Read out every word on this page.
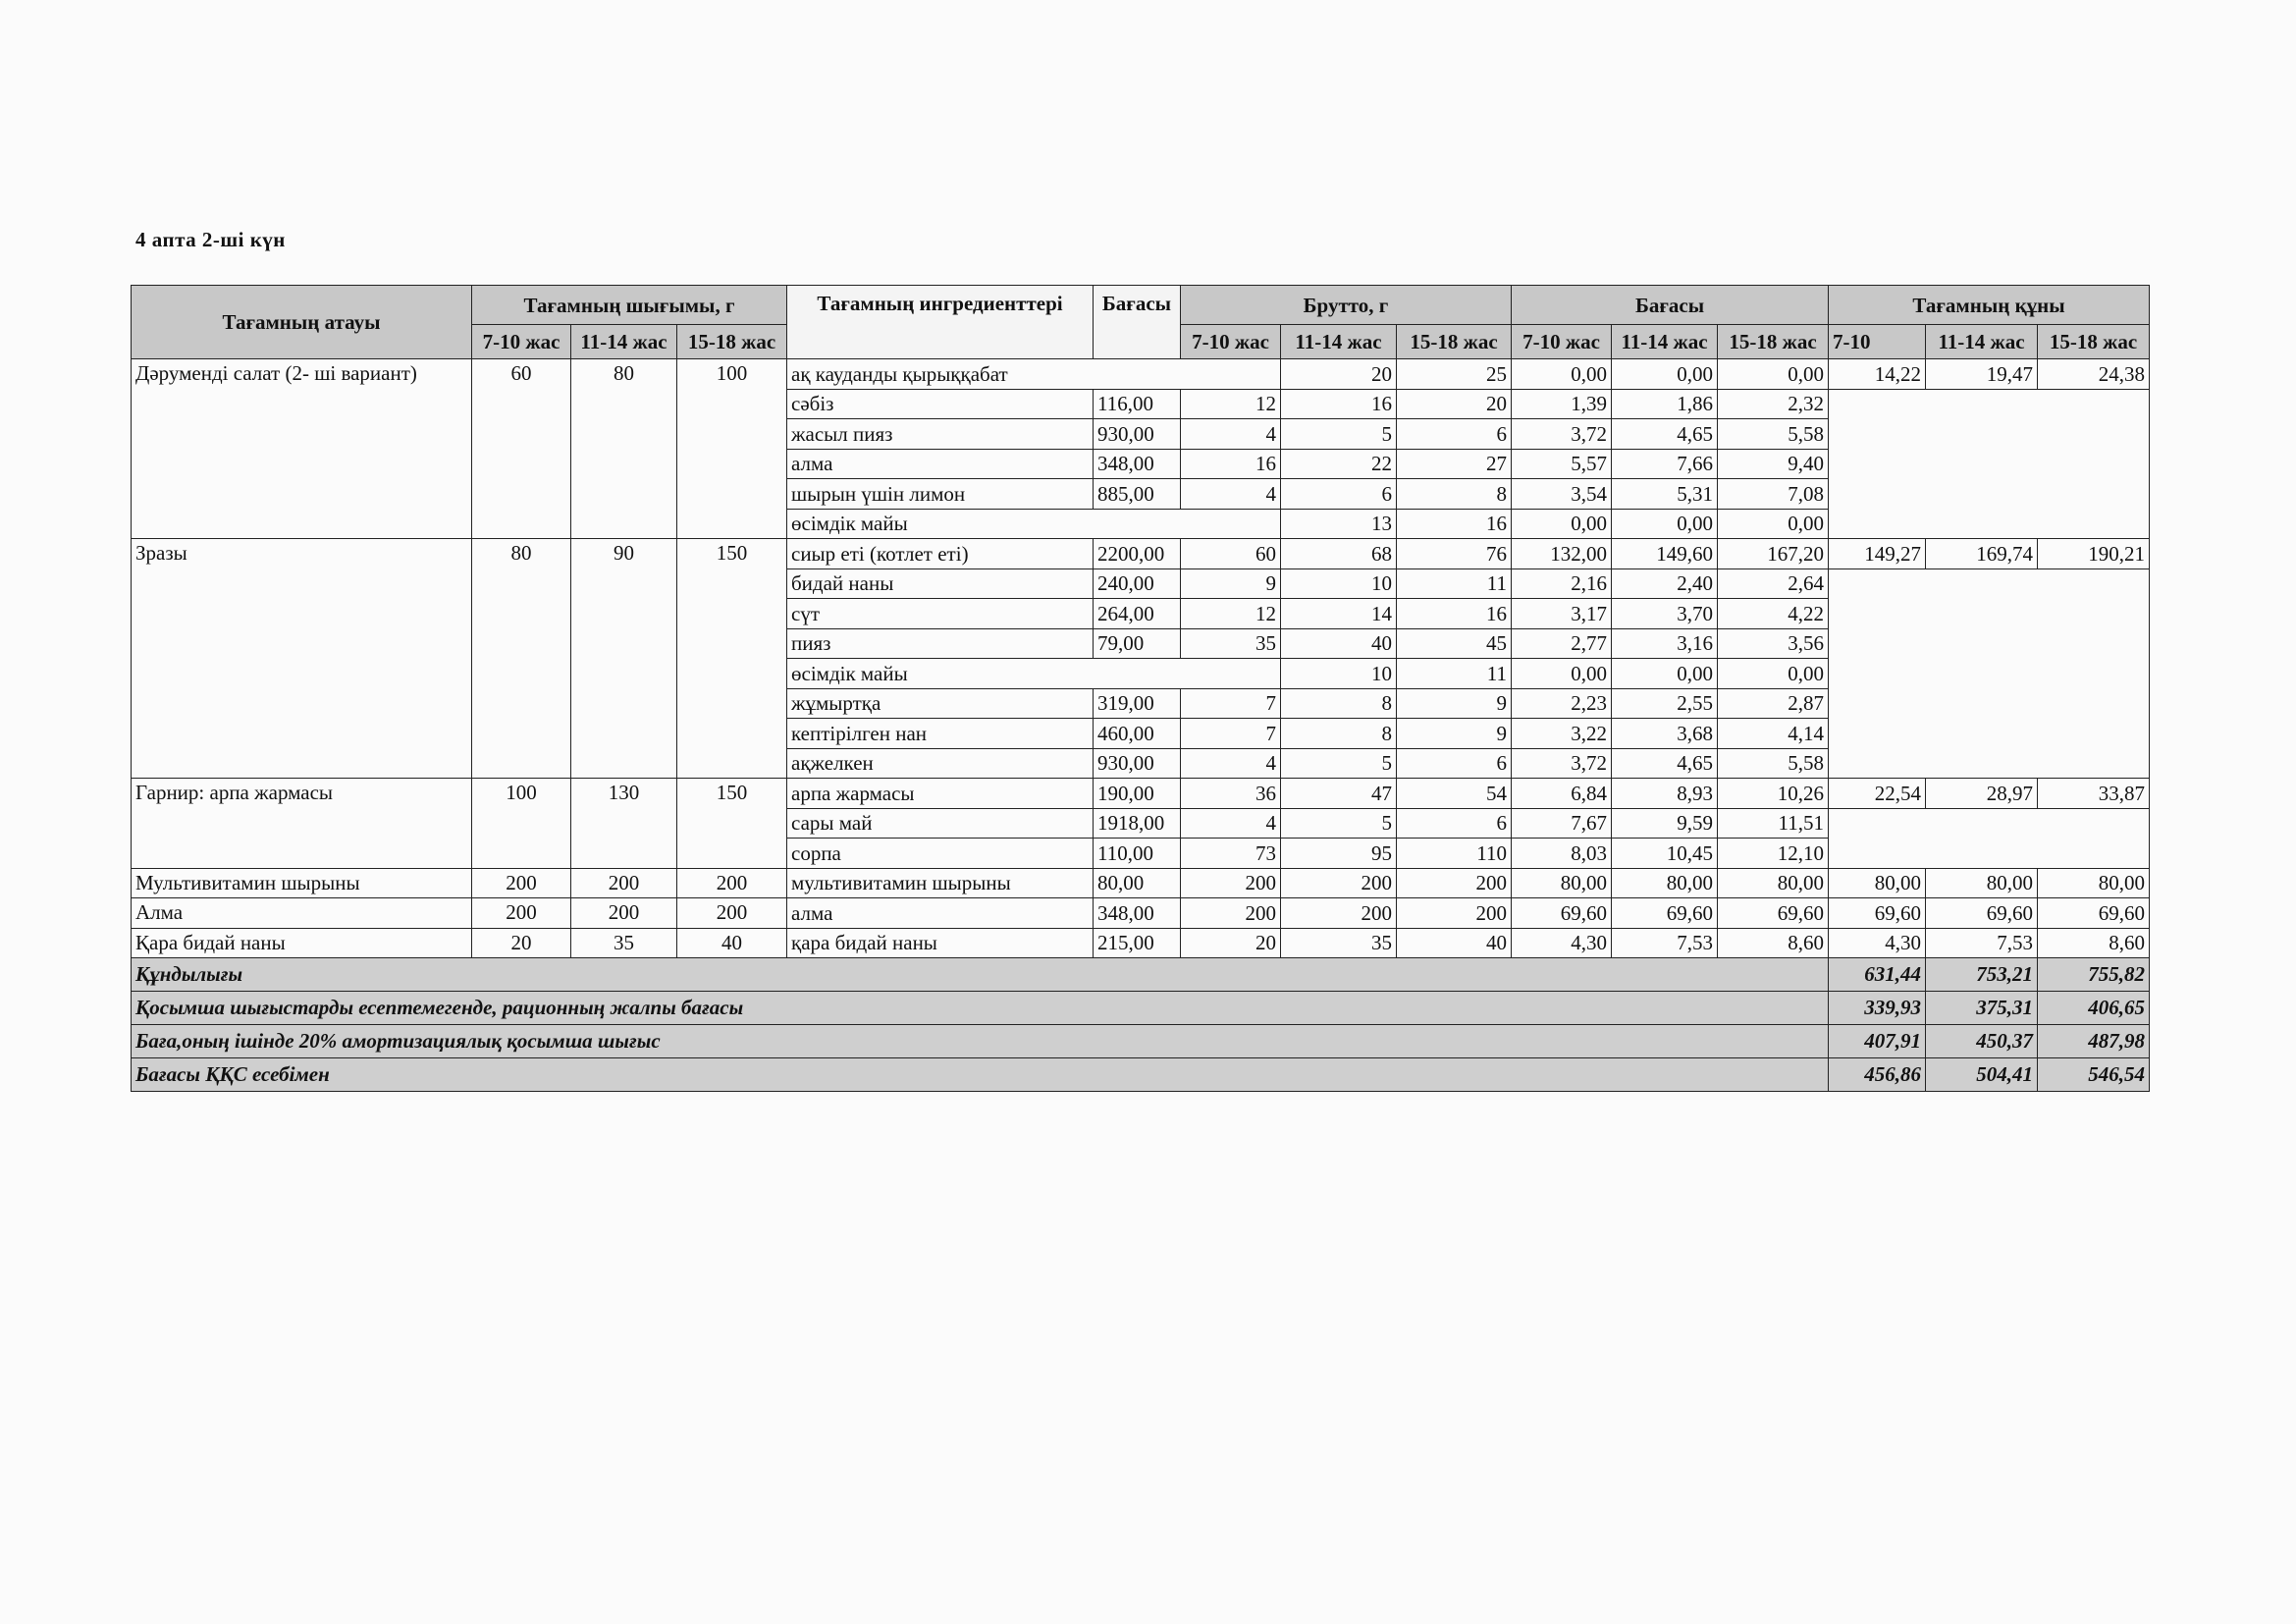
4 апта 2-ші күн
Тағамның атауы	Тағамның шығымы, г			Тағамның ингредиенттері	Бағасы	Брутто, г			Бағасы			Тағамның құны		
	7-10 жас	11-14 жас	15-18 жас			7-10 жас	11-14 жас	15-18 жас	7-10 жас	11-14 жас	15-18 жас	7-10	11-14 жас	15-18 жас
Дәруменді салат (2- ші вариант)	60	80	100	ақ кауданды қырыққабат			20	25	0,00	0,00	0,00	14,22	19,47	24,38
				сәбіз	116,00	12	16	20	1,39	1,86	2,32			
				жасыл пияз	930,00	4	5	6	3,72	4,65	5,58			
				алма	348,00	16	22	27	5,57	7,66	9,40			
				шырын үшін лимон	885,00	4	6	8	3,54	5,31	7,08			
				өсімдік майы			13	16	0,00	0,00	0,00			
Зразы	80	90	150	сиыр еті (котлет еті)	2200,00	60	68	76	132,00	149,60	167,20	149,27	169,74	190,21
				бидай наны	240,00	9	10	11	2,16	2,40	2,64			
				сүт	264,00	12	14	16	3,17	3,70	4,22			
				пияз	79,00	35	40	45	2,77	3,16	3,56			
				өсімдік майы			10	11	0,00	0,00	0,00			
				жұмыртқа	319,00	7	8	9	2,23	2,55	2,87			
				кептірілген нан	460,00	7	8	9	3,22	3,68	4,14			
				ақжелкен	930,00	4	5	6	3,72	4,65	5,58			
Гарнир: арпа жармасы	100	130	150	арпа жармасы	190,00	36	47	54	6,84	8,93	10,26	22,54	28,97	33,87
				сары май	1918,00	4	5	6	7,67	9,59	11,51			
				сорпа	110,00	73	95	110	8,03	10,45	12,10			
Мультивитамин шырыны	200	200	200	мультивитамин шырыны	80,00	200	200	200	80,00	80,00	80,00	80,00	80,00	80,00
Алма	200	200	200	алма	348,00	200	200	200	69,60	69,60	69,60	69,60	69,60	69,60
Қара бидай наны	20	35	40	қара бидай наны	215,00	20	35	40	4,30	7,53	8,60	4,30	7,53	8,60
Құндылығы												631,44	753,21	755,82
Қосымша шығыстарды есептемегенде, рационның жалпы бағасы												339,93	375,31	406,65
Баға,оның ішінде 20% амортизациялық қосымша шығыс												407,91	450,37	487,98
Бағасы ҚҚС есебімен												456,86	504,41	546,54
